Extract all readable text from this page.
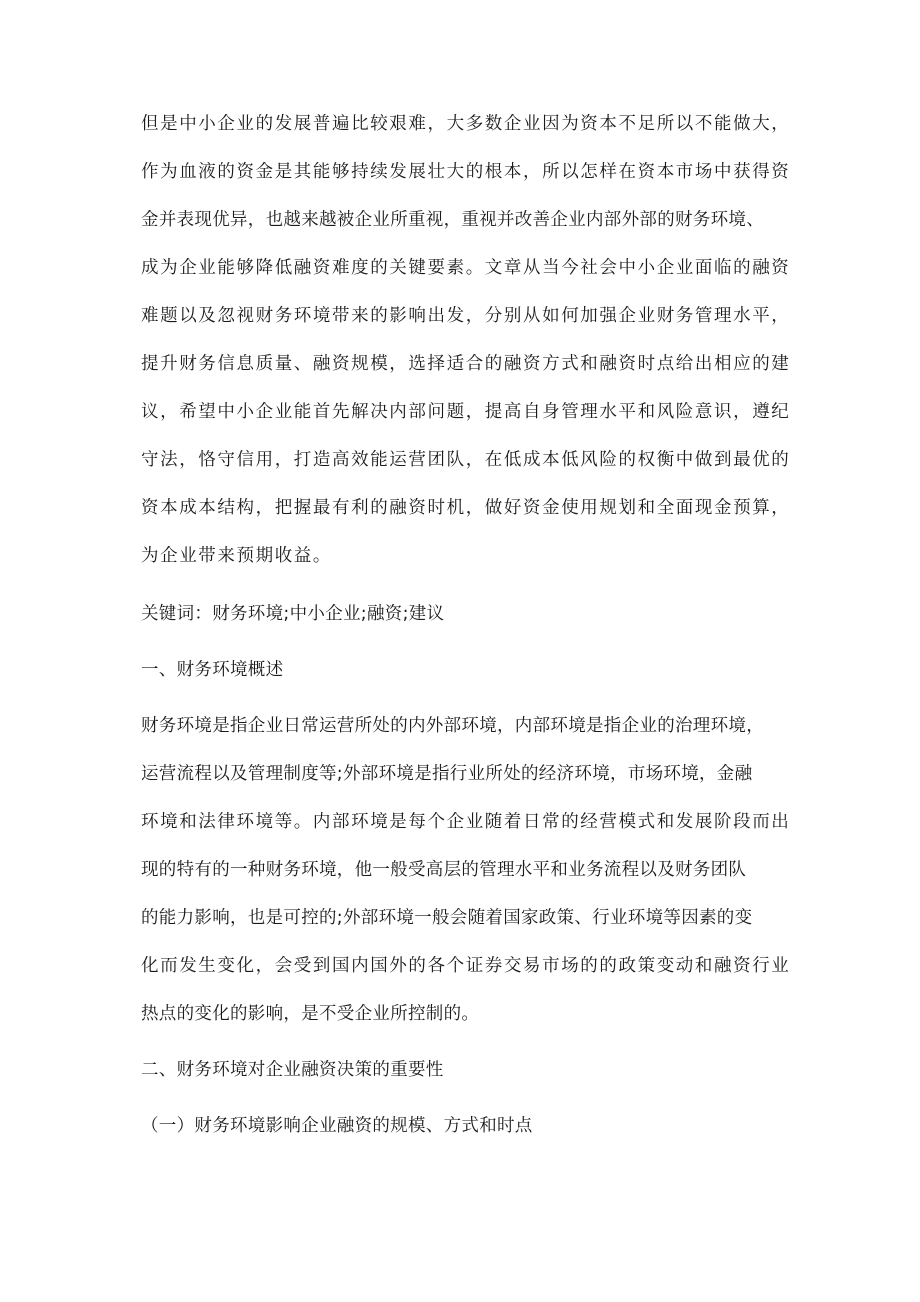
但是中小企业的发展普遍比较艰难，大多数企业因为资本不足所以不能做大，
作为血液的资金是其能够持续发展壮大的根本，所以怎样在资本市场中获得资
金并表现优异，也越来越被企业所重视，重视并改善企业内部外部的财务环境、
成为企业能够降低融资难度的关键要素。文章从当今社会中小企业面临的融资
难题以及忽视财务环境带来的影响出发，分别从如何加强企业财务管理水平，
提升财务信息质量、融资规模，选择适合的融资方式和融资时点给出相应的建
议，希望中小企业能首先解决内部问题，提高自身管理水平和风险意识，遵纪
守法，恪守信用，打造高效能运营团队，在低成本低风险的权衡中做到最优的
资本成本结构，把握最有利的融资时机，做好资金使用规划和全面现金预算，
为企业带来预期收益。
关键词：财务环境;中小企业;融资;建议
一、财务环境概述
财务环境是指企业日常运营所处的内外部环境，内部环境是指企业的治理环境，
运营流程以及管理制度等;外部环境是指行业所处的经济环境，市场环境，金融
环境和法律环境等。内部环境是每个企业随着日常的经营模式和发展阶段而出
现的特有的一种财务环境，他一般受高层的管理水平和业务流程以及财务团队
的能力影响，也是可控的;外部环境一般会随着国家政策、行业环境等因素的变
化而发生变化，会受到国内国外的各个证券交易市场的的政策变动和融资行业
热点的变化的影响，是不受企业所控制的。
二、财务环境对企业融资决策的重要性
（一）财务环境影响企业融资的规模、方式和时点
